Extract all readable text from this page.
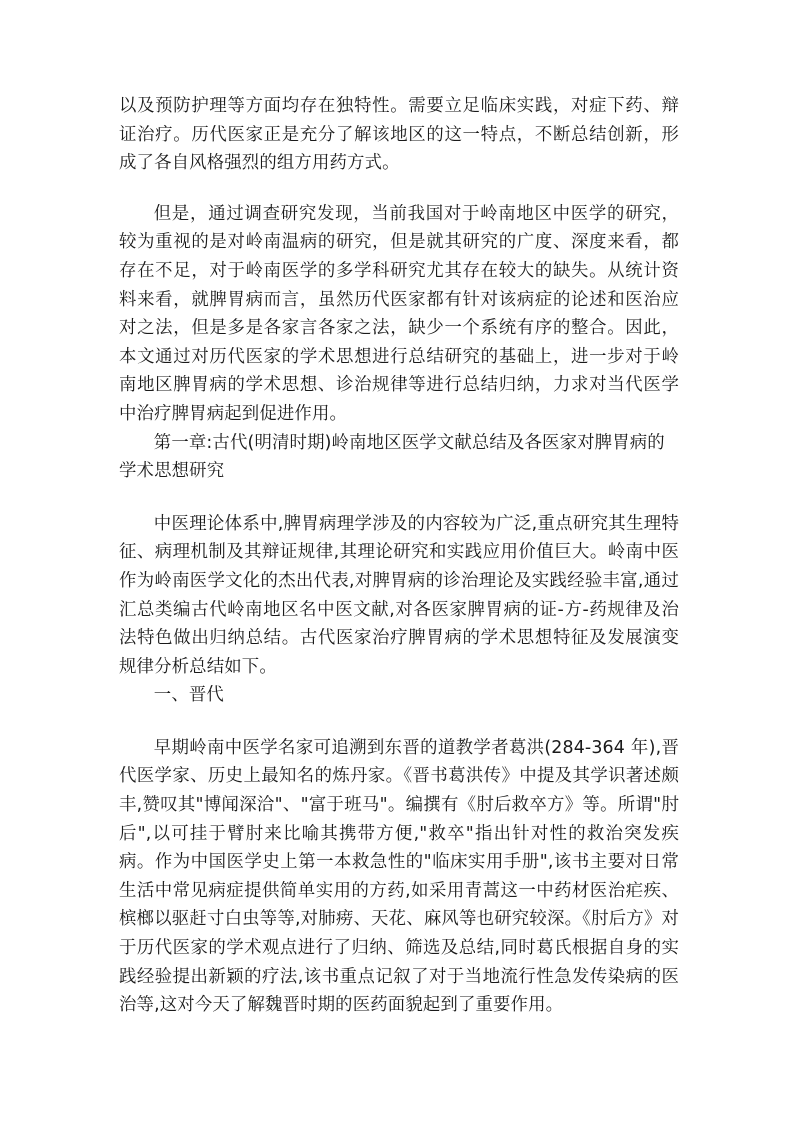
以及预防护理等方面均存在独特性。需要立足临床实践，对症下药、辩证治疗。历代医家正是充分了解该地区的这一特点，不断总结创新，形成了各自风格强烈的组方用药方式。

但是，通过调查研究发现，当前我国对于岭南地区中医学的研究，较为重视的是对岭南温病的研究，但是就其研究的广度、深度来看，都存在不足，对于岭南医学的多学科研究尤其存在较大的缺失。从统计资料来看，就脾胃病而言，虽然历代医家都有针对该病症的论述和医治应对之法，但是多是各家言各家之法，缺少一个系统有序的整合。因此，本文通过对历代医家的学术思想进行总结研究的基础上，进一步对于岭南地区脾胃病的学术思想、诊治规律等进行总结归纳，力求对当代医学中治疗脾胃病起到促进作用。

第一章:古代(明清时期)岭南地区医学文献总结及各医家对脾胃病的学术思想研究

中医理论体系中,脾胃病理学涉及的内容较为广泛,重点研究其生理特征、病理机制及其辩证规律,其理论研究和实践应用价值巨大。岭南中医作为岭南医学文化的杰出代表,对脾胃病的诊治理论及实践经验丰富,通过汇总类编古代岭南地区名中医文献,对各医家脾胃病的证-方-药规律及治法特色做出归纳总结。古代医家治疗脾胃病的学术思想特征及发展演变规律分析总结如下。

一、晋代

早期岭南中医学名家可追溯到东晋的道教学者葛洪(284-364 年),晋代医学家、历史上最知名的炼丹家。《晋书葛洪传》中提及其学识著述颇丰,赞叹其"博闻深洽"、"富于班马"。编撰有《肘后救卒方》等。所谓"肘后",以可挂于臂肘来比喻其携带方便,"救卒"指出针对性的救治突发疾病。作为中国医学史上第一本救急性的"临床实用手册",该书主要对日常生活中常见病症提供简单实用的方药,如采用青蒿这一中药材医治疟疾、槟榔以驱赶寸白虫等等,对肺痨、天花、麻风等也研究较深。《肘后方》对于历代医家的学术观点进行了归纳、筛选及总结,同时葛氏根据自身的实践经验提出新颖的疗法,该书重点记叙了对于当地流行性急发传染病的医治等,这对今天了解魏晋时期的医药面貌起到了重要作用。
